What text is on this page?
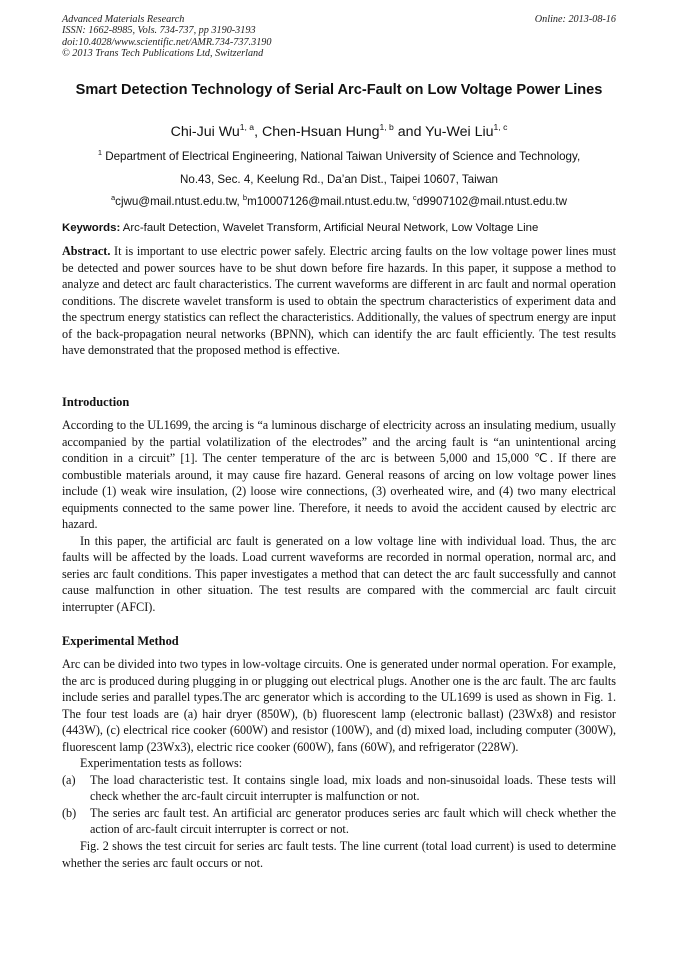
Advanced Materials Research
ISSN: 1662-8985, Vols. 734-737, pp 3190-3193
doi:10.4028/www.scientific.net/AMR.734-737.3190
© 2013 Trans Tech Publications Ltd, Switzerland
Online: 2013-08-16
Smart Detection Technology of Serial Arc-Fault on Low Voltage Power Lines
Chi-Jui Wu$^{1, a}$, Chen-Hsuan Hung$^{1, b}$ and Yu-Wei Liu$^{1, c}$
$^1$ Department of Electrical Engineering, National Taiwan University of Science and Technology,
No.43, Sec. 4, Keelung Rd., Da’an Dist., Taipei 10607, Taiwan
$^a$cjwu@mail.ntust.edu.tw, $^b$m10007126@mail.ntust.edu.tw, $^c$d9907102@mail.ntust.edu.tw
Keywords: Arc-fault Detection, Wavelet Transform, Artificial Neural Network, Low Voltage Line

Abstract. It is important to use electric power safely. Electric arcing faults on the low voltage power lines must be detected and power sources have to be shut down before fire hazards. In this paper, it suppose a method to analyze and detect arc fault characteristics. The current waveforms are different in arc fault and normal operation conditions. The discrete wavelet transform is used to obtain the spectrum characteristics of experiment data and the spectrum energy statistics can reflect the characteristics. Additionally, the values of spectrum energy are input of the back-propagation neural networks (BPNN), which can identify the arc fault efficiently. The test results have demonstrated that the proposed method is effective.

Introduction

According to the UL1699, the arcing is “a luminous discharge of electricity across an insulating medium, usually accompanied by the partial volatilization of the electrodes” and the arcing fault is “an unintentional arcing condition in a circuit” [1]. The center temperature of the arc is between 5,000 and 15,000 ℃. If there are combustible materials around, it may cause fire hazard. General reasons of arcing on low voltage power lines include (1) weak wire insulation, (2) loose wire connections, (3) overheated wire, and (4) two many electrical equipments connected to the same power line. Therefore, it needs to avoid the accident caused by electric arc hazard.

In this paper, the artificial arc fault is generated on a low voltage line with individual load. Thus, the arc faults will be affected by the loads. Load current waveforms are recorded in normal operation, normal arc, and series arc fault conditions. This paper investigates a method that can detect the arc fault successfully and cannot cause malfunction in other situation. The test results are compared with the commercial arc fault circuit interrupter (AFCI).

Experimental Method

Arc can be divided into two types in low-voltage circuits. One is generated under normal operation. For example, the arc is produced during plugging in or plugging out electrical plugs. Another one is the arc fault. The arc faults include series and parallel types.The arc generator which is according to the UL1699 is used as shown in Fig. 1. The four test loads are (a) hair dryer (850W), (b) fluorescent lamp (electronic ballast) (23Wx8) and resistor (443W), (c) electrical rice cooker (600W) and resistor (100W), and (d) mixed load, including computer (300W), fluorescent lamp (23Wx3), electric rice cooker (600W), fans (60W), and refrigerator (228W).

Experimentation tests as follows:

(a) The load characteristic test. It contains single load, mix loads and non-sinusoidal loads. These tests will check whether the arc-fault circuit interrupter is malfunction or not.

(b) The series arc fault test. An artificial arc generator produces series arc fault which will check whether the action of arc-fault circuit interrupter is correct or not.

Fig. 2 shows the test circuit for series arc fault tests. The line current (total load current) is used to determine whether the series arc fault occurs or not.
